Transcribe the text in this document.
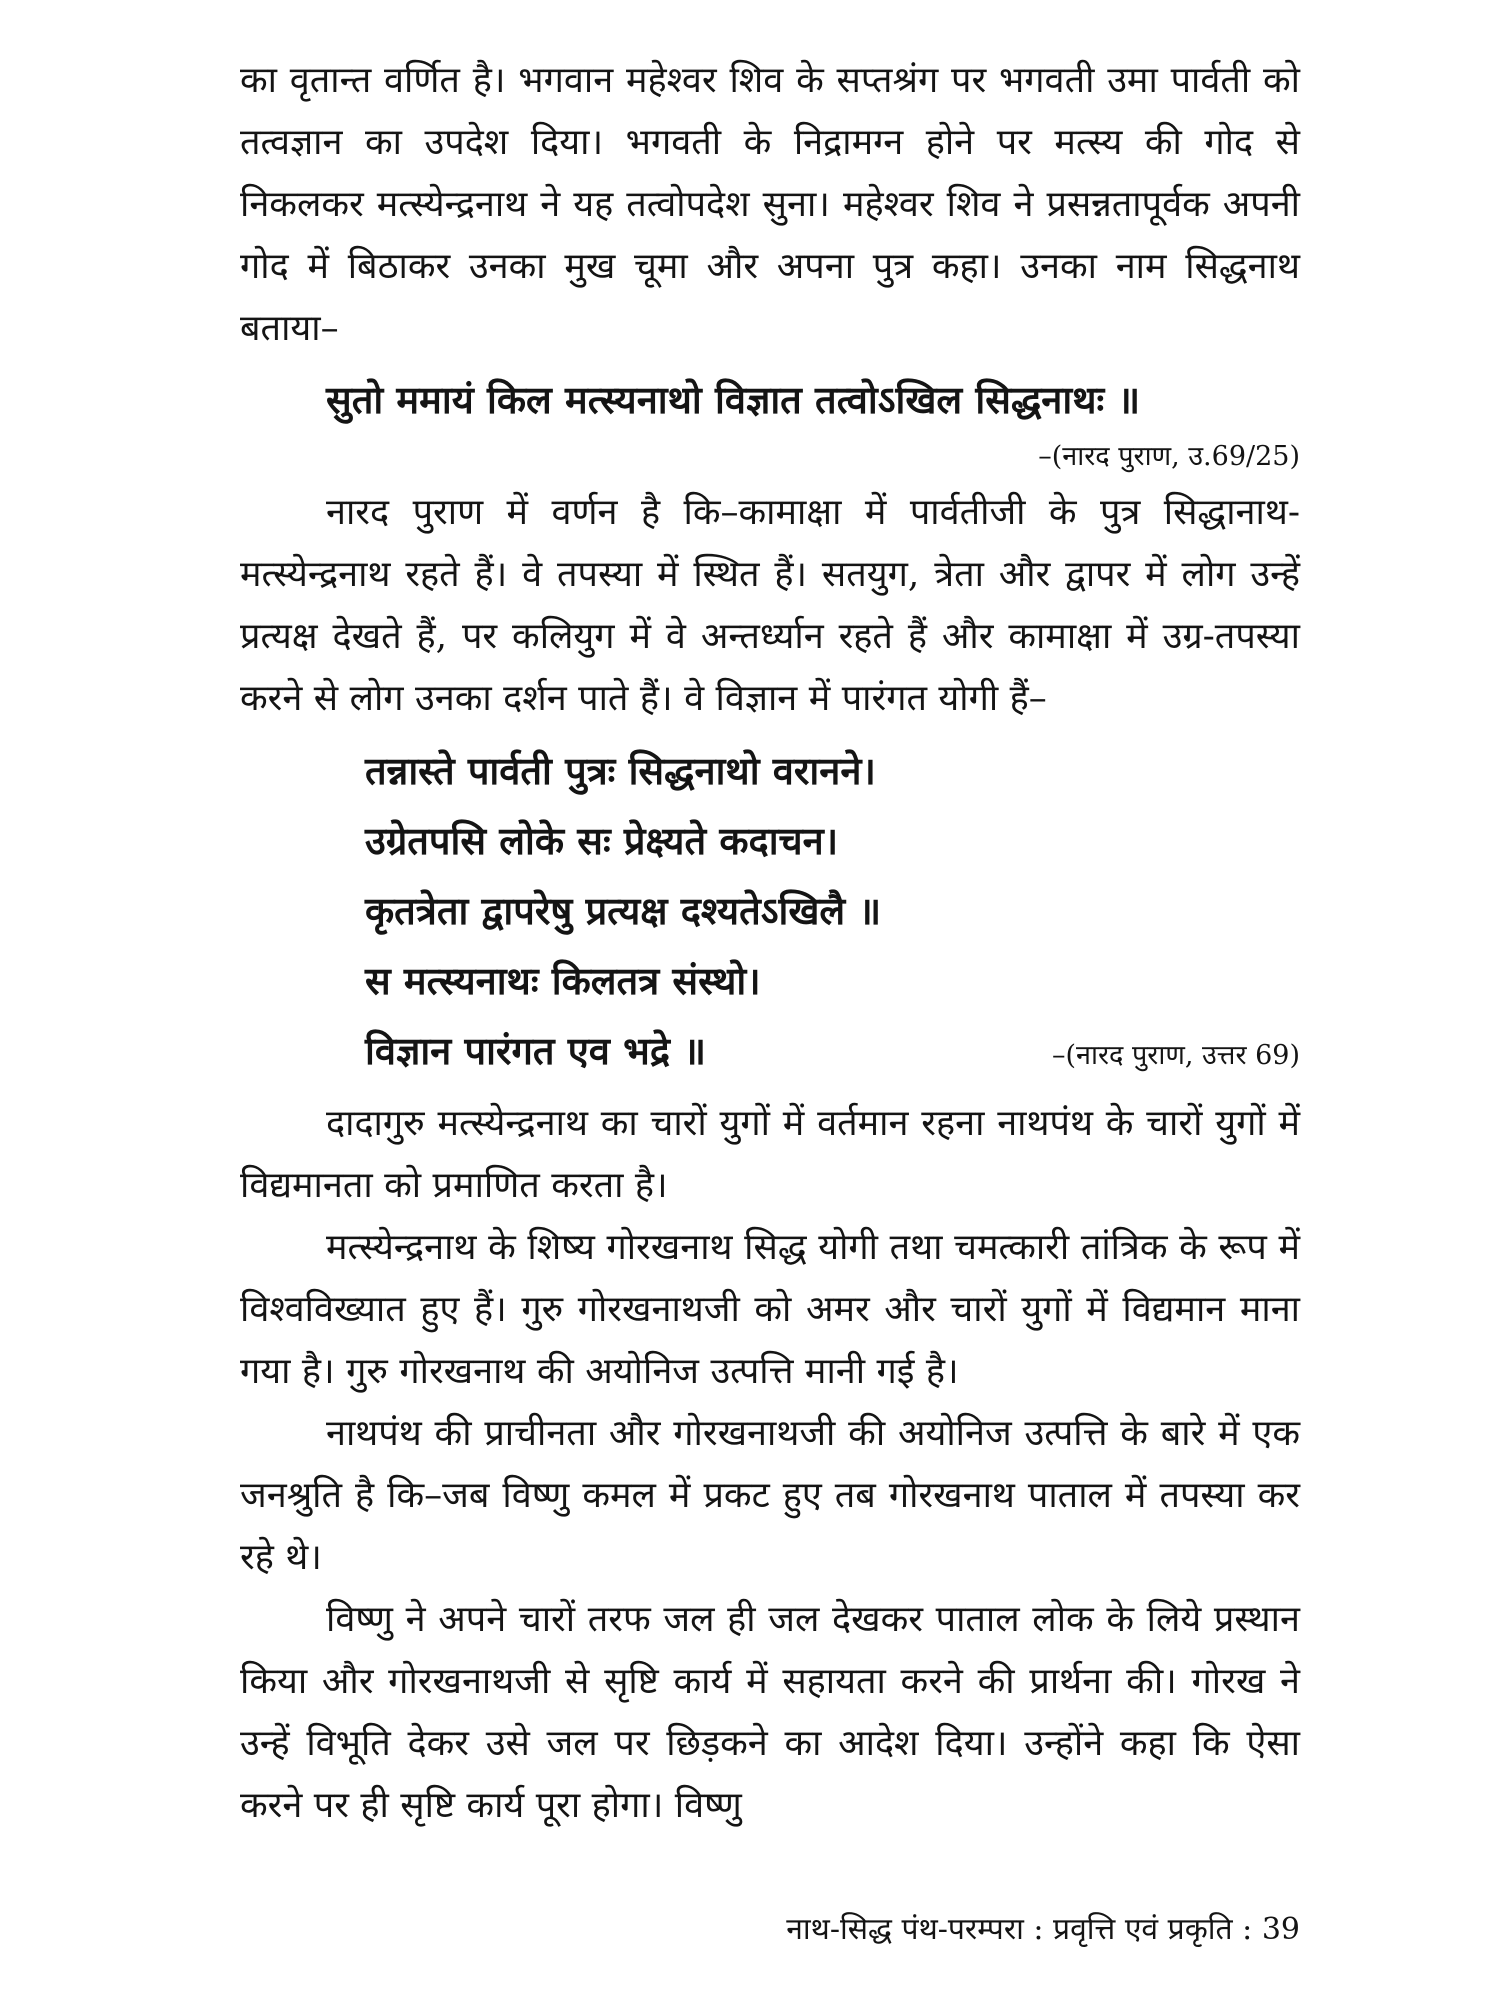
का वृतान्त वर्णित है। भगवान महेश्वर शिव के सप्तश्रंग पर भगवती उमा पार्वती को तत्वज्ञान का उपदेश दिया। भगवती के निद्रामग्न होने पर मत्स्य की गोद से निकलकर मत्स्येन्द्रनाथ ने यह तत्वोपदेश सुना। महेश्वर शिव ने प्रसन्नतापूर्वक अपनी गोद में बिठाकर उनका मुख चूमा और अपना पुत्र कहा। उनका नाम सिद्धनाथ बताया–

सुतो ममायं किल मत्स्यनाथो विज्ञात तत्वोऽखिल सिद्धनाथः ॥

–(नारद पुराण, उ.69/25)

नारद पुराण में वर्णन है कि–कामाक्षा में पार्वतीजी के पुत्र सिद्धानाथ-मत्स्येन्द्रनाथ रहते हैं। वे तपस्या में स्थित हैं। सतयुग, त्रेता और द्वापर में लोग उन्हें प्रत्यक्ष देखते हैं, पर कलियुग में वे अन्तर्ध्यान रहते हैं और कामाक्षा में उग्र-तपस्या करने से लोग उनका दर्शन पाते हैं। वे विज्ञान में पारंगत योगी हैं–

तन्नास्ते पार्वती पुत्रः सिद्धनाथो वरानने।

उग्रेतपसि लोके सः प्रेक्ष्यते कदाचन।

कृतत्रेता द्वापरेषु प्रत्यक्ष दश्यतेऽखिलै ॥

स मत्स्यनाथः किलतत्र संस्थो।

विज्ञान पारंगत एव भद्रे ॥	–(नारद पुराण, उत्तर 69)

दादागुरु मत्स्येन्द्रनाथ का चारों युगों में वर्तमान रहना नाथपंथ के चारों युगों में विद्यमानता को प्रमाणित करता है।

मत्स्येन्द्रनाथ के शिष्य गोरखनाथ सिद्ध योगी तथा चमत्कारी तांत्रिक के रूप में विश्वविख्यात हुए हैं। गुरु गोरखनाथजी को अमर और चारों युगों में विद्यमान माना गया है। गुरु गोरखनाथ की अयोनिज उत्पत्ति मानी गई है।

नाथपंथ की प्राचीनता और गोरखनाथजी की अयोनिज उत्पत्ति के बारे में एक जनश्रुति है कि–जब विष्णु कमल में प्रकट हुए तब गोरखनाथ पाताल में तपस्या कर रहे थे।

विष्णु ने अपने चारों तरफ जल ही जल देखकर पाताल लोक के लिये प्रस्थान किया और गोरखनाथजी से सृष्टि कार्य में सहायता करने की प्रार्थना की। गोरख ने उन्हें विभूति देकर उसे जल पर छिड़कने का आदेश दिया। उन्होंने कहा कि ऐसा करने पर ही सृष्टि कार्य पूरा होगा। विष्णु

नाथ-सिद्ध पंथ-परम्परा : प्रवृत्ति एवं प्रकृति : 39
